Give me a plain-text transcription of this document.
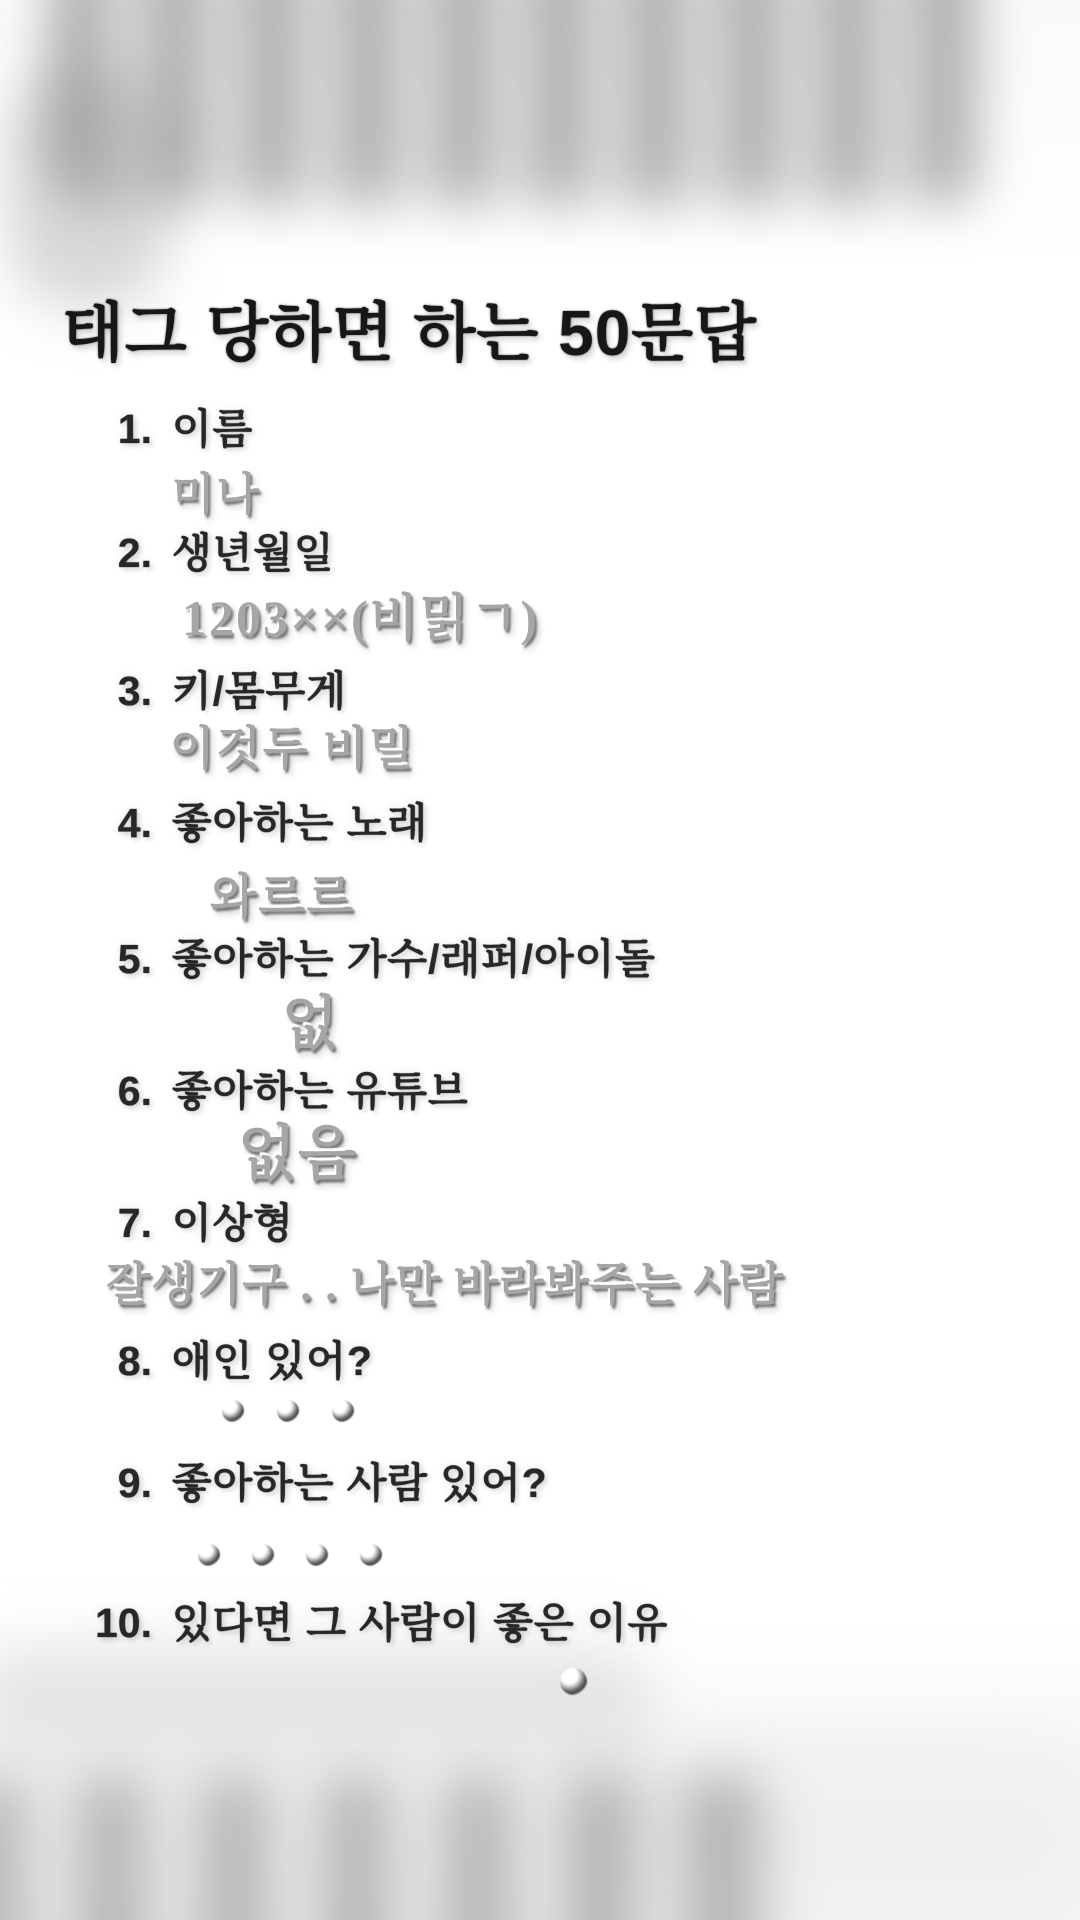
태그 당하면 하는 50문답
1. 이름
미나
2. 생년월일
1203××(비밁ㄱ)
3. 키/몸무게
이것두 비밀
4. 좋아하는 노래
와르르
5. 좋아하는 가수/래퍼/아이돌
없
6. 좋아하는 유튜브
없음
7. 이상형
잘생기구 . . 나만 바라봐주는 사람
8. 애인 있어?
9. 좋아하는 사람 있어?
10. 있다면 그 사람이 좋은 이유
